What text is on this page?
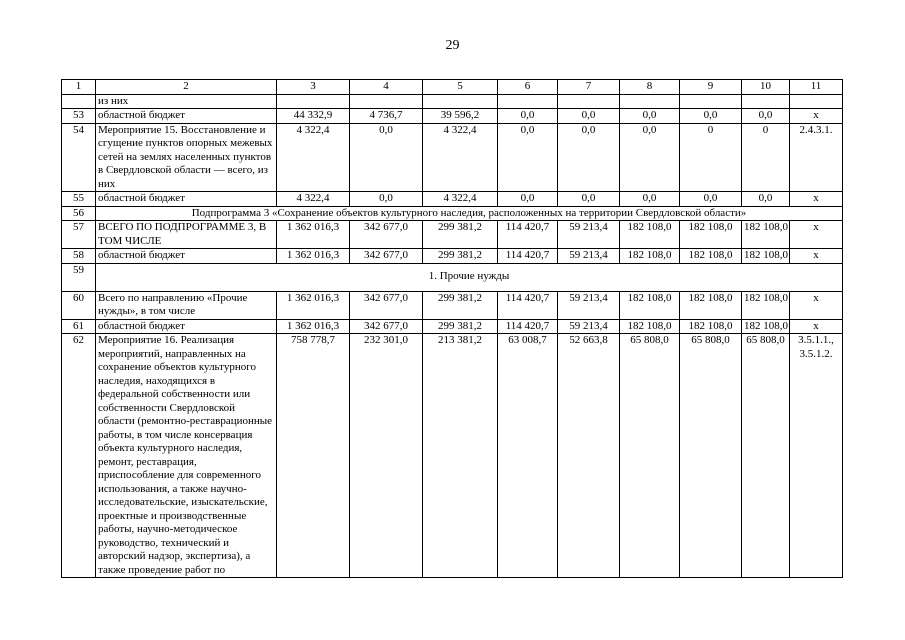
29
1	2	3	4	5	6	7	8	9	10	11
	из них									
53	областной бюджет	44 332,9	4 736,7	39 596,2	0,0	0,0	0,0	0,0	0,0	х
54	Мероприятие 15. Восстановление и сгущение пунктов опорных межевых сетей на землях населенных пунктов в Свердловской области — всего, из них	4 322,4	0,0	4 322,4	0,0	0,0	0,0	0	0	2.4.3.1.
55	областной бюджет	4 322,4	0,0	4 322,4	0,0	0,0	0,0	0,0	0,0	х
56	Подпрограмма 3 «Сохранение объектов культурного наследия, расположенных на территории Свердловской области»									
57	ВСЕГО ПО ПОДПРОГРАММЕ 3, В ТОМ ЧИСЛЕ	1 362 016,3	342 677,0	299 381,2	114 420,7	59 213,4	182 108,0	182 108,0	182 108,0	х
58	областной бюджет	1 362 016,3	342 677,0	299 381,2	114 420,7	59 213,4	182 108,0	182 108,0	182 108,0	х
59	1. Прочие нужды									
60	Всего по направлению «Прочие нужды», в том числе	1 362 016,3	342 677,0	299 381,2	114 420,7	59 213,4	182 108,0	182 108,0	182 108,0	х
61	областной бюджет	1 362 016,3	342 677,0	299 381,2	114 420,7	59 213,4	182 108,0	182 108,0	182 108,0	х
62	Мероприятие 16. Реализация мероприятий, направленных на сохранение объектов культурного наследия, находящихся в федеральной собственности или собственности Свердловской области (ремонтно-реставрационные работы, в том числе консервация объекта культурного наследия, ремонт, реставрация, приспособление для современного использования, а также научно-исследовательские, изыскательские, проектные и производственные работы, научно-методическое руководство, технический и авторский надзор, экспертиза), а также проведение работ по	758 778,7	232 301,0	213 381,2	63 008,7	52 663,8	65 808,0	65 808,0	65 808,0	3.5.1.1., 3.5.1.2.
